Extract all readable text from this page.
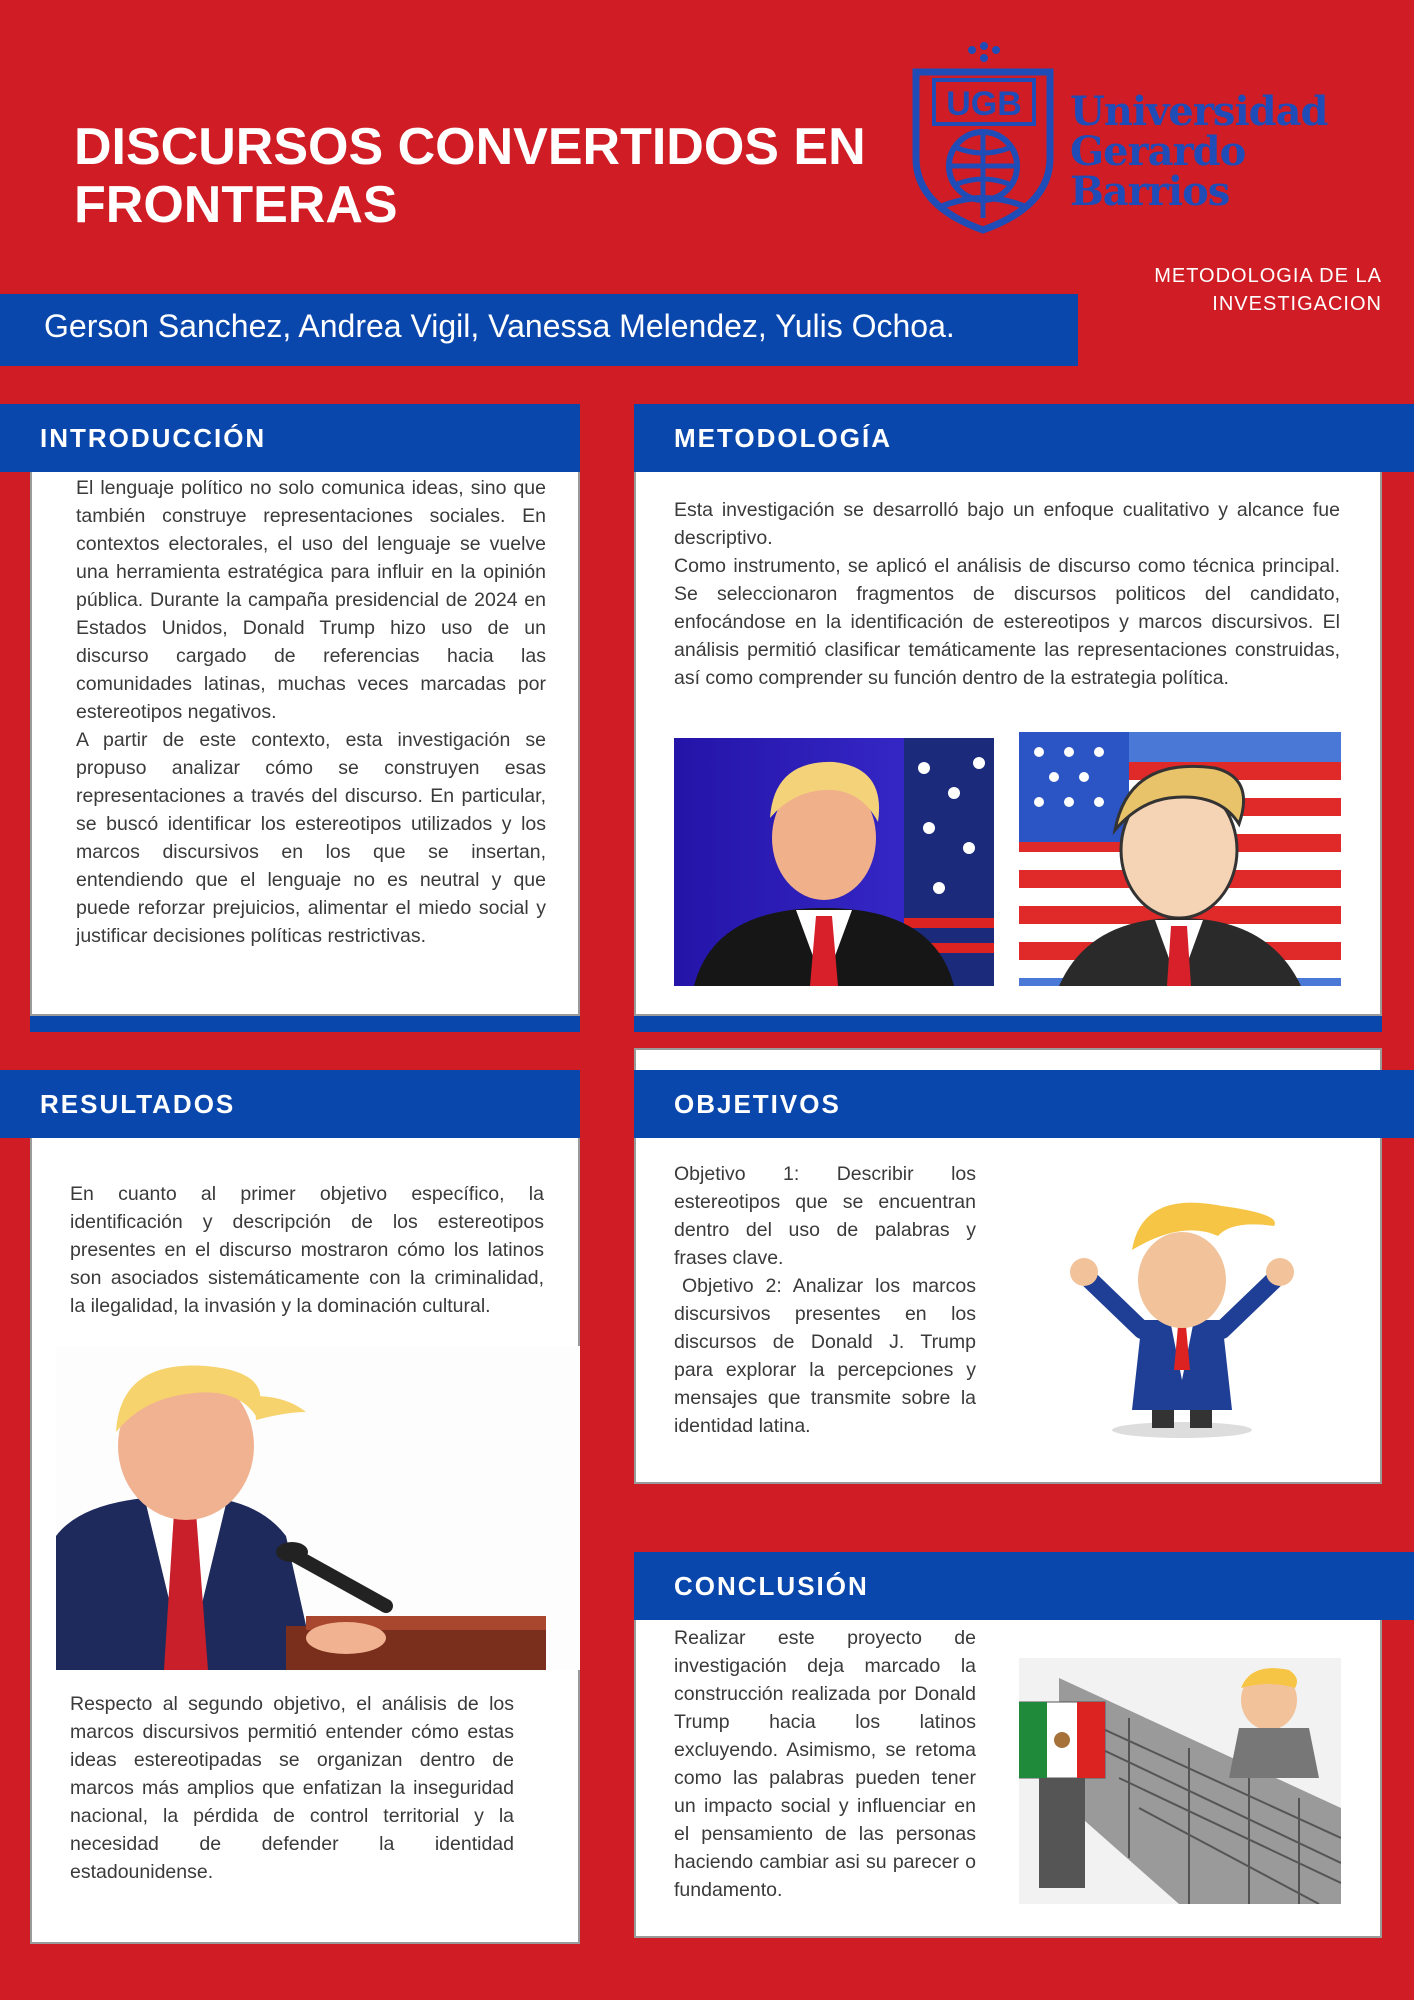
DISCURSOS CONVERTIDOS EN
FRONTERAS
UGB	Universidad
Gerardo Barrios
METODOLOGIA DE LA
INVESTIGACION
Gerson Sanchez, Andrea Vigil, Vanessa Melendez, Yulis Ochoa.
INTRODUCCIÓN

El lenguaje político no solo comunica ideas, sino que también construye representaciones sociales. En contextos electorales, el uso del lenguaje se vuelve una herramienta estratégica para influir en la opinión pública. Durante la campaña presidencial de 2024 en Estados Unidos, Donald Trump hizo uso de un discurso cargado de referencias hacia las comunidades latinas, muchas veces marcadas por estereotipos negativos.

A partir de este contexto, esta investigación se propuso analizar cómo se construyen esas representaciones a través del discurso. En particular, se buscó identificar los estereotipos utilizados y los marcos discursivos en los que se insertan, entendiendo que el lenguaje no es neutral y que puede reforzar prejuicios, alimentar el miedo social y justificar decisiones políticas restrictivas.

METODOLOGÍA

Esta investigación se desarrolló bajo un enfoque cualitativo y alcance fue descriptivo.

Como instrumento, se aplicó el análisis de discurso como técnica principal. Se seleccionaron fragmentos de discursos politicos del candidato, enfocándose en la identificación de estereotipos y marcos discursivos. El análisis permitió clasificar temáticamente las representaciones construidas, así como comprender su función dentro de la estrategia política.

RESULTADOS
En cuanto al primer objetivo específico, la identificación y descripción de los estereotipos presentes en el discurso mostraron cómo los latinos son asociados sistemáticamente con la criminalidad, la ilegalidad, la invasión y la dominación cultural.
Respecto al segundo objetivo, el análisis de los marcos discursivos permitió entender cómo estas ideas estereotipadas se organizan dentro de marcos más amplios que enfatizan la inseguridad nacional, la pérdida de control territorial y la necesidad de defender la identidad estadounidense.
OBJETIVOS

Objetivo 1: Describir los estereotipos que se encuentran dentro del uso de palabras y frases clave.

Objetivo 2: Analizar los marcos discursivos presentes en los discursos de Donald J. Trump para explorar la percepciones y mensajes que transmite sobre la identidad latina.

CONCLUSIÓN
Realizar este proyecto de investigación deja marcado la construcción realizada por Donald Trump hacia los latinos excluyendo. Asimismo, se retoma como las palabras pueden tener un impacto social y influenciar en el pensamiento de las personas haciendo cambiar asi su parecer o fundamento.
